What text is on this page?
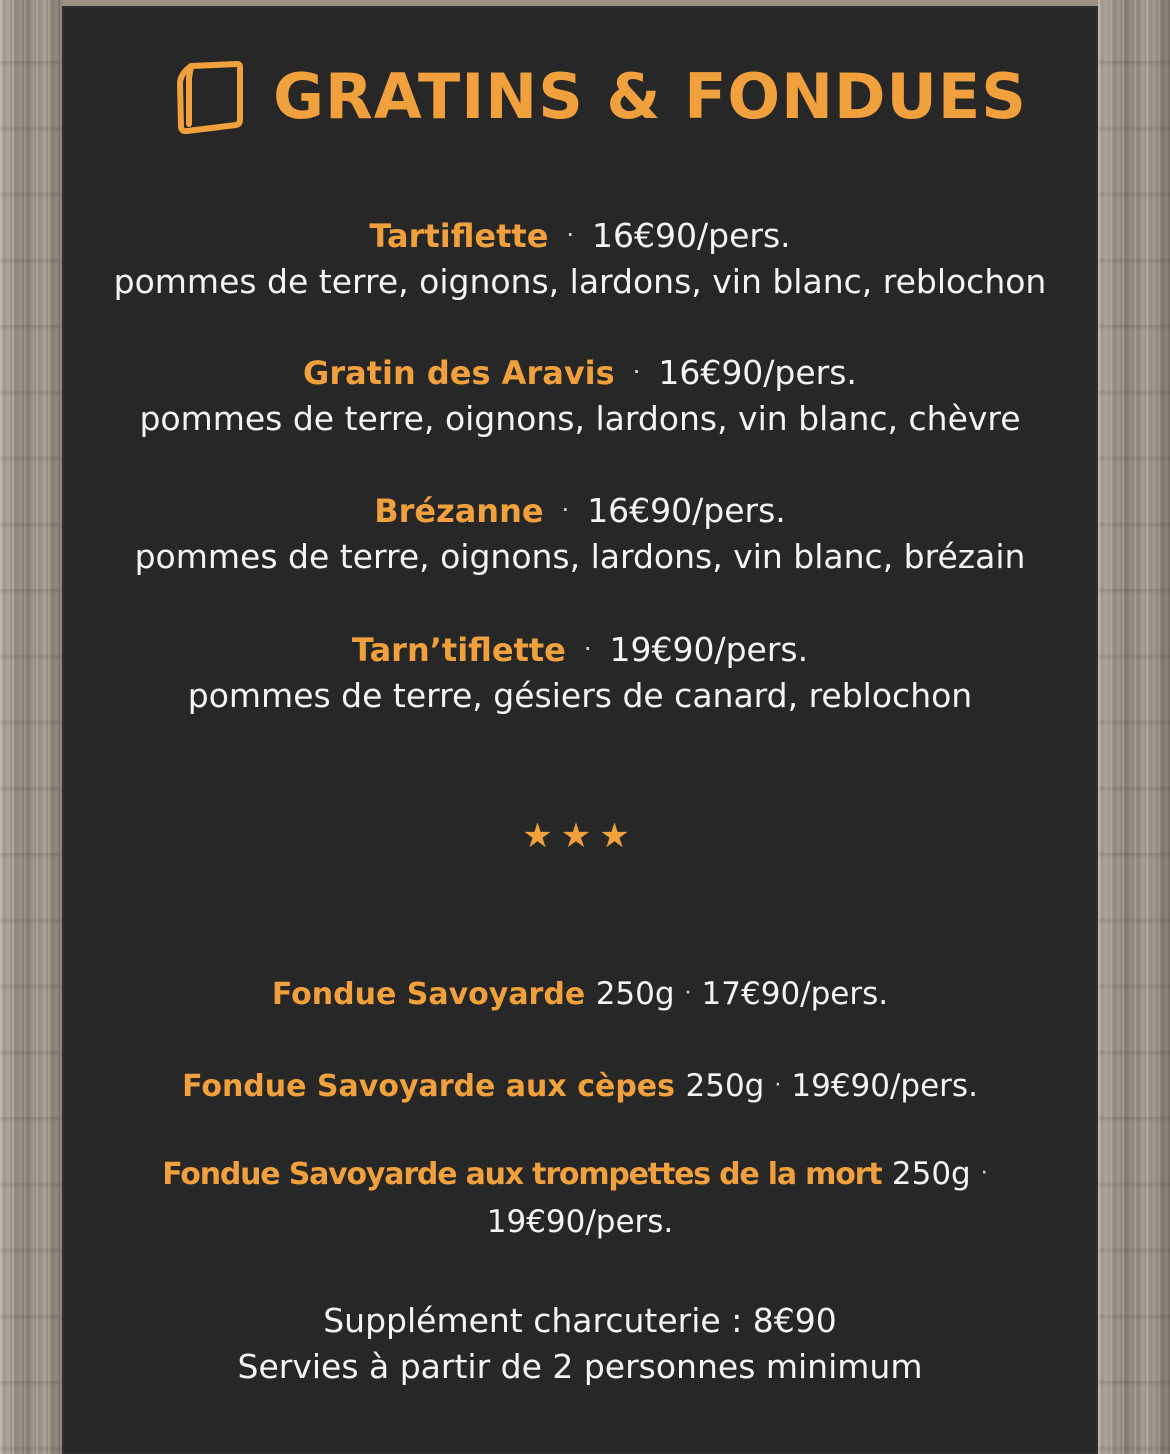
GRATINS & FONDUES
Tartiflette · 16€90/pers.
pommes de terre, oignons, lardons, vin blanc, reblochon
Gratin des Aravis · 16€90/pers.
pommes de terre, oignons, lardons, vin blanc, chèvre
Brézanne · 16€90/pers.
pommes de terre, oignons, lardons, vin blanc, brézain
Tarn’tiflette · 19€90/pers.
pommes de terre, gésiers de canard, reblochon
★★★
Fondue Savoyarde 250g · 17€90/pers.
Fondue Savoyarde aux cèpes 250g · 19€90/pers.
Fondue Savoyarde aux trompettes de la mort 250g ·
19€90/pers.
Supplément charcuterie : 8€90
Servies à partir de 2 personnes minimum
